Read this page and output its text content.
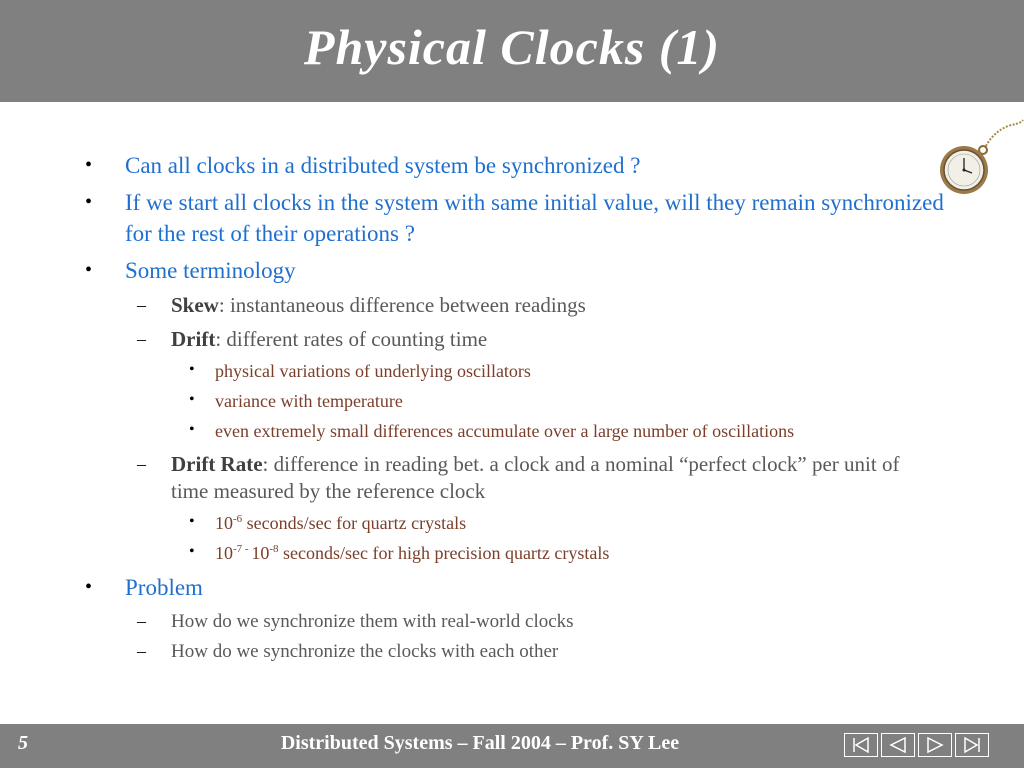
Physical Clocks (1)
• Can all clocks in a distributed system be synchronized ?
• If we start all clocks in the system with same initial value, will they remain synchronized for the rest of their operations ?
• Some terminology
– Skew: instantaneous difference between readings
– Drift: different rates of counting time
• physical variations of underlying oscillators
• variance with temperature
• even extremely small differences accumulate over a large number of oscillations
– Drift Rate: difference in reading bet. a clock and a nominal “perfect clock” per unit of time measured by the reference clock
• $10^{-6}$ seconds/sec for quartz crystals
• $10^{-7 -}$ $10^{-8}$ seconds/sec for high precision quartz crystals
• Problem
– How do we synchronize them with real-world clocks
– How do we synchronize the clocks with each other
5	Distributed Systems – Fall 2004 – Prof. SY Lee
